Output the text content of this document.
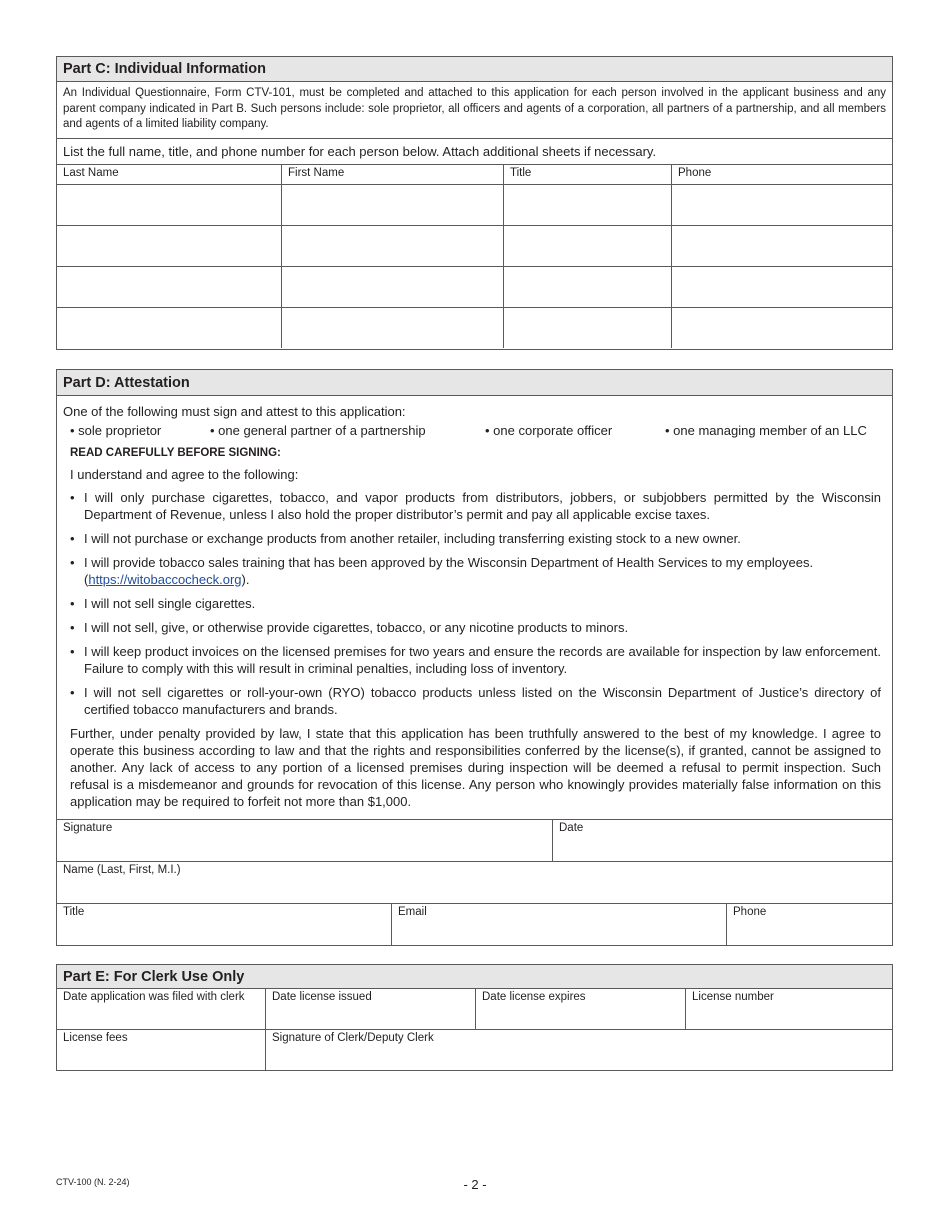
Part C: Individual Information
An Individual Questionnaire, Form CTV-101, must be completed and attached to this application for each person involved in the applicant business and any parent company indicated in Part B. Such persons include: sole proprietor, all officers and agents of a corporation, all partners of a partnership, and all members and agents of a limited liability company.
List the full name, title, and phone number for each person below. Attach additional sheets if necessary.
Last Name	First Name	Title	Phone
Part D: Attestation
One of the following must sign and attest to this application:
• sole proprietor	• one general partner of a partnership	• one corporate officer	• one managing member of an LLC
READ CAREFULLY BEFORE SIGNING:
I understand and agree to the following:
• I will only purchase cigarettes, tobacco, and vapor products from distributors, jobbers, or subjobbers permitted by the Wisconsin Department of Revenue, unless I also hold the proper distributor’s permit and pay all applicable excise taxes.
• I will not purchase or exchange products from another retailer, including transferring existing stock to a new owner.
• I will provide tobacco sales training that has been approved by the Wisconsin Department of Health Services to my employees.
(https://witobaccocheck.org).
• I will not sell single cigarettes.
• I will not sell, give, or otherwise provide cigarettes, tobacco, or any nicotine products to minors.
• I will keep product invoices on the licensed premises for two years and ensure the records are available for inspection by law enforcement. Failure to comply with this will result in criminal penalties, including loss of inventory.
• I will not sell cigarettes or roll-your-own (RYO) tobacco products unless listed on the Wisconsin Department of Justice’s directory of certified tobacco manufacturers and brands.
Further, under penalty provided by law, I state that this application has been truthfully answered to the best of my knowledge. I agree to operate this business according to law and that the rights and responsibilities conferred by the license(s), if granted, cannot be assigned to another. Any lack of access to any portion of a licensed premises during inspection will be deemed a refusal to permit inspection. Such refusal is a misdemeanor and grounds for revocation of this license. Any person who knowingly provides materially false information on this application may be required to forfeit not more than $1,000.
Signature	Date
Name (Last, First, M.I.)
Title	Email	Phone
Part E: For Clerk Use Only
Date application was filed with clerk	Date license issued	Date license expires	License number
License fees	Signature of Clerk/Deputy Clerk
CTV-100 (N. 2-24)	- 2 -
